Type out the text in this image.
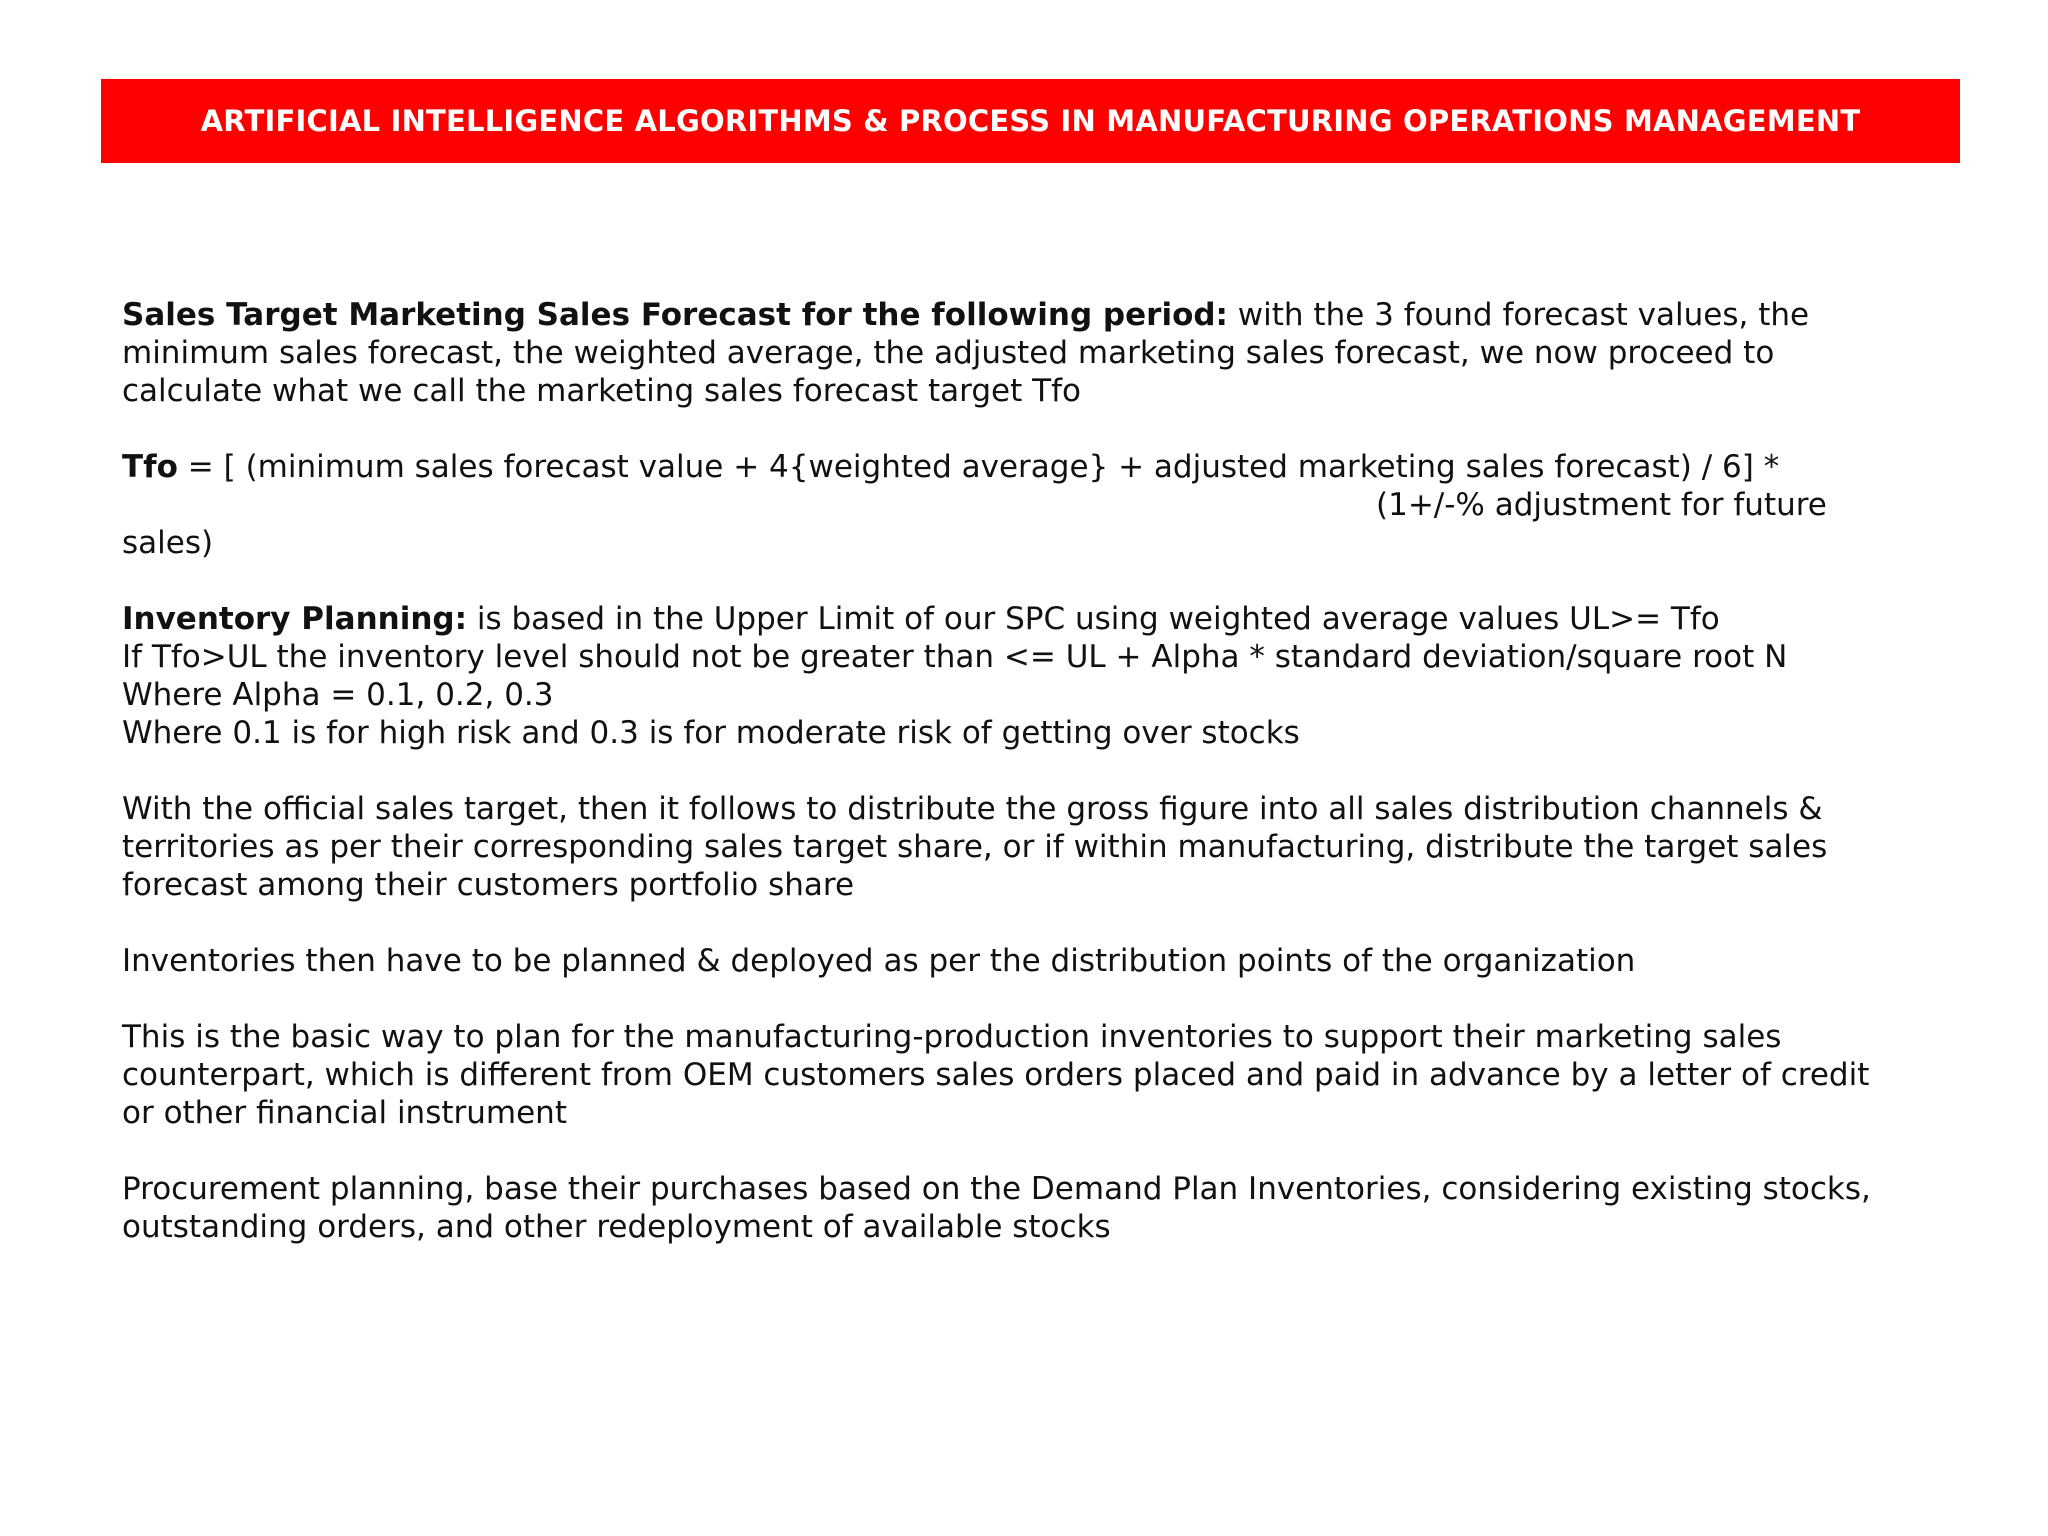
ARTIFICIAL INTELLIGENCE ALGORITHMS & PROCESS IN MANUFACTURING OPERATIONS MANAGEMENT
Sales Target Marketing Sales Forecast for the following period: with the 3 found forecast values, the
minimum sales forecast, the weighted average, the adjusted marketing sales forecast, we now proceed to
calculate what we call the marketing sales forecast target Tfo
Tfo = [ (minimum sales forecast value + 4{weighted average} + adjusted marketing sales forecast) / 6] *
(1+/-% adjustment for future
sales)
Inventory Planning: is based in the Upper Limit of our SPC using weighted average values UL>= Tfo
If Tfo>UL the inventory level should not be greater than <= UL + Alpha * standard deviation/square root N
Where Alpha = 0.1, 0.2, 0.3
Where 0.1 is for high risk and 0.3 is for moderate risk of getting over stocks
With the official sales target, then it follows to distribute the gross figure into all sales distribution channels &
territories as per their corresponding sales target share, or if within manufacturing, distribute the target sales
forecast among their customers portfolio share
Inventories then have to be planned & deployed as per the distribution points of the organization
This is the basic way to plan for the manufacturing-production inventories to support their marketing sales
counterpart, which is different from OEM customers sales orders placed and paid in advance by a letter of credit
or other financial instrument
Procurement planning, base their purchases based on the Demand Plan Inventories, considering existing stocks,
outstanding orders, and other redeployment of available stocks
